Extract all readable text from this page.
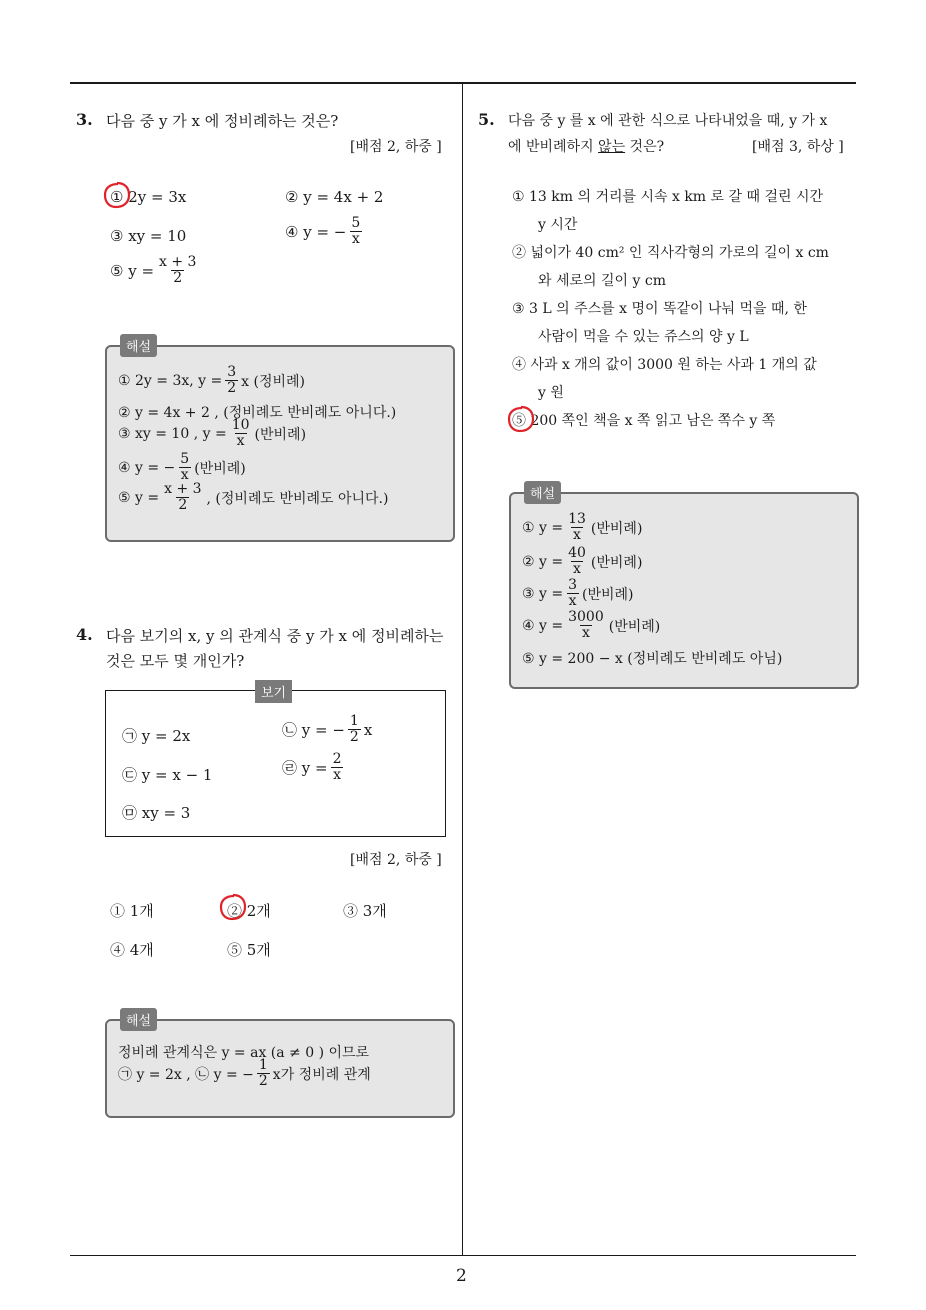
2
3. 다음 중 y 가 x 에 정비례하는 것은?
[배점 2, 하중 ]
① 2y = 3x	② y = 4x + 2
③ xy = 10	④ y = − $\frac{5}{x}$
⑤ $y = \frac{x + 3}{2}$
해설
① 2y = 3x, $y = \frac{3}{2}$ x (정비례)
② y = 4x + 2 , (정비례도 반비례도 아니다.)
③ xy = 10 , $y = \frac{10}{x}$ (반비례)
④ y = − $\frac{5}{x}$ (반비례)
⑤ $y = \frac{x + 3}{2}$ , (정비례도 반비례도 아니다.)
4. 다음 보기의 x, y 의 관계식 중 y 가 x 에 정비례하는
것은 모두 몇 개인가?
보기
㉠ y = 2x	㉡ y = − $\frac{1}{2}$ x
㉢ y = x − 1	㉣ $y = \frac{2}{x}$
㉤ xy = 3
[배점 2, 하중 ]
① 1개	② 2개	③ 3개
④ 4개	⑤ 5개
해설
정비례 관계식은 y = ax (a ≠ 0 ) 이므로
㉠ y = 2x , ㉡ y = − $\frac{1}{2}$ x가 정비례 관계
5. 다음 중 y 를 x 에 관한 식으로 나타내었을 때, y 가 x
에 반비례하지 않는 것은?	[배점 3, 하상 ]
① 13 km 의 거리를 시속 x km 로 갈 때 걸린 시간
y 시간
② 넓이가 40 cm² 인 직사각형의 가로의 길이 x cm
와 세로의 길이 y cm
③ 3 L 의 주스를 x 명이 똑같이 나눠 먹을 때, 한
사람이 먹을 수 있는 쥬스의 양 y L
④ 사과 x 개의 값이 3000 원 하는 사과 1 개의 값
y 원
⑤ 200 쪽인 책을 x 쪽 읽고 남은 쪽수 y 쪽
해설
① $y = \frac{13}{x}$ (반비례)
② $y = \frac{40}{x}$ (반비례)
③ $y = \frac{3}{x}$ (반비례)
④ $y = \frac{3000}{x}$ (반비례)
⑤ y = 200 − x (정비례도 반비례도 아님)
